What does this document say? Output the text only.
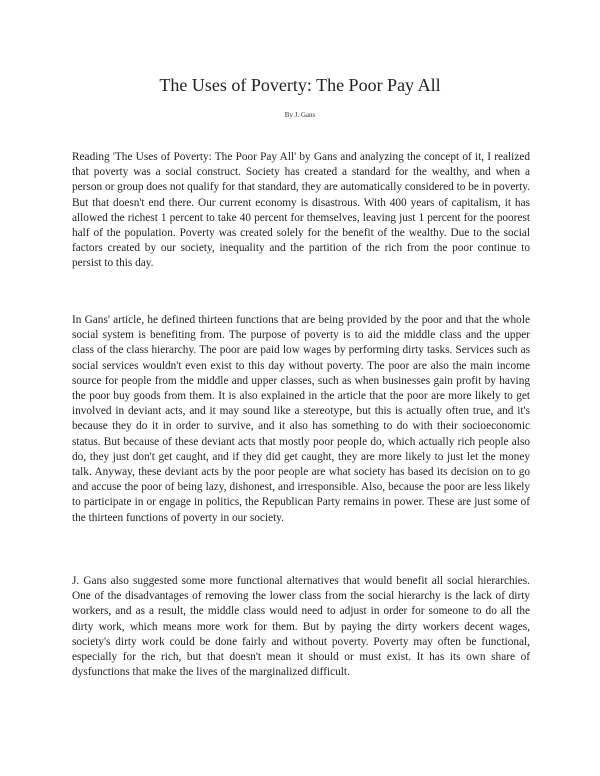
The Uses of Poverty: The Poor Pay All
By J. Gans

Reading 'The Uses of Poverty: The Poor Pay All' by Gans and analyzing the concept of it, I realized that poverty was a social construct. Society has created a standard for the wealthy, and when a person or group does not qualify for that standard, they are automatically considered to be in poverty. But that doesn't end there. Our current economy is disastrous. With 400 years of capitalism, it has allowed the richest 1 percent to take 40 percent for themselves, leaving just 1 percent for the poorest half of the population. Poverty was created solely for the benefit of the wealthy. Due to the social factors created by our society, inequality and the partition of the rich from the poor continue to persist to this day.

In Gans' article, he defined thirteen functions that are being provided by the poor and that the whole social system is benefiting from. The purpose of poverty is to aid the middle class and the upper class of the class hierarchy. The poor are paid low wages by performing dirty tasks. Services such as social services wouldn't even exist to this day without poverty. The poor are also the main income source for people from the middle and upper classes, such as when businesses gain profit by having the poor buy goods from them. It is also explained in the article that the poor are more likely to get involved in deviant acts, and it may sound like a stereotype, but this is actually often true, and it's because they do it in order to survive, and it also has something to do with their socioeconomic status. But because of these deviant acts that mostly poor people do, which actually rich people also do, they just don't get caught, and if they did get caught, they are more likely to just let the money talk. Anyway, these deviant acts by the poor people are what society has based its decision on to go and accuse the poor of being lazy, dishonest, and irresponsible. Also, because the poor are less likely to participate in or engage in politics, the Republican Party remains in power. These are just some of the thirteen functions of poverty in our society.

J. Gans also suggested some more functional alternatives that would benefit all social hierarchies. One of the disadvantages of removing the lower class from the social hierarchy is the lack of dirty workers, and as a result, the middle class would need to adjust in order for someone to do all the dirty work, which means more work for them. But by paying the dirty workers decent wages, society's dirty work could be done fairly and without poverty. Poverty may often be functional, especially for the rich, but that doesn't mean it should or must exist. It has its own share of dysfunctions that make the lives of the marginalized difficult.
